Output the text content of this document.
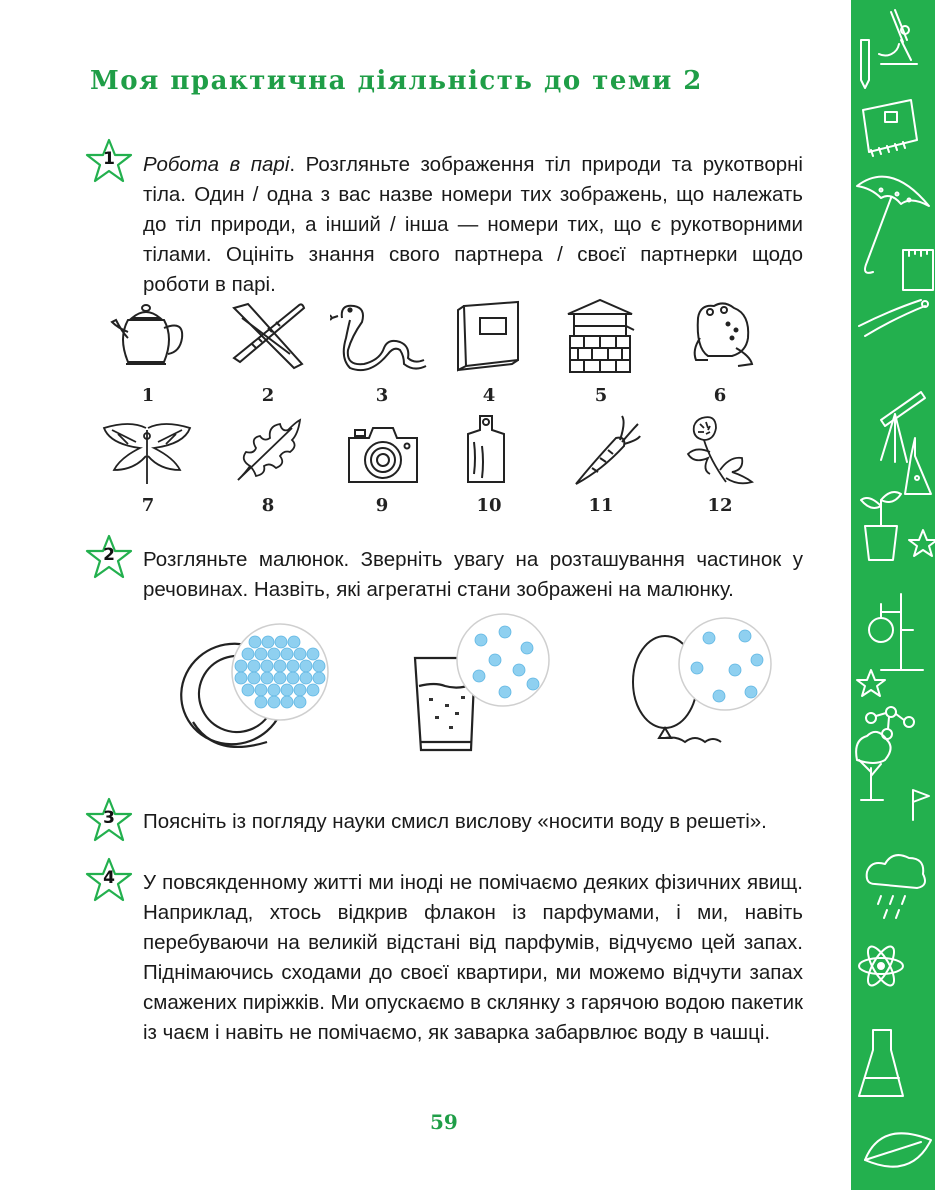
Моя практична діяльність до теми 2
1	Робота в парі. Розгляньте зображення тіл природи та рукотворні тіла. Один / одна з вас назве номери тих зображень, що належать до тіл природи, а інший / інша — номери тих, що є рукотворними тілами. Оцініть знання свого партнера / своєї партнерки щодо роботи в парі.
1	2	3	4	5	6
7	8	9	10	11	12
2	Розгляньте малюнок. Зверніть увагу на розташування частинок у речовинах. Назвіть, які агрегатні стани зображені на малюнку.
3	Поясніть із погляду науки смисл вислову «носити воду в решеті».
4	У повсякденному житті ми іноді не помічаємо деяких фізичних явищ. Наприклад, хтось відкрив флакон із парфумами, і ми, навіть перебуваючи на великій відстані від парфумів, відчуємо цей запах. Піднімаючись сходами до своєї квартири, ми можемо відчути запах смажених пиріжків. Ми опускаємо в склянку з гарячою водою пакетик із чаєм і навіть не помічаємо, як заварка забарвлює воду в чашці.
59
